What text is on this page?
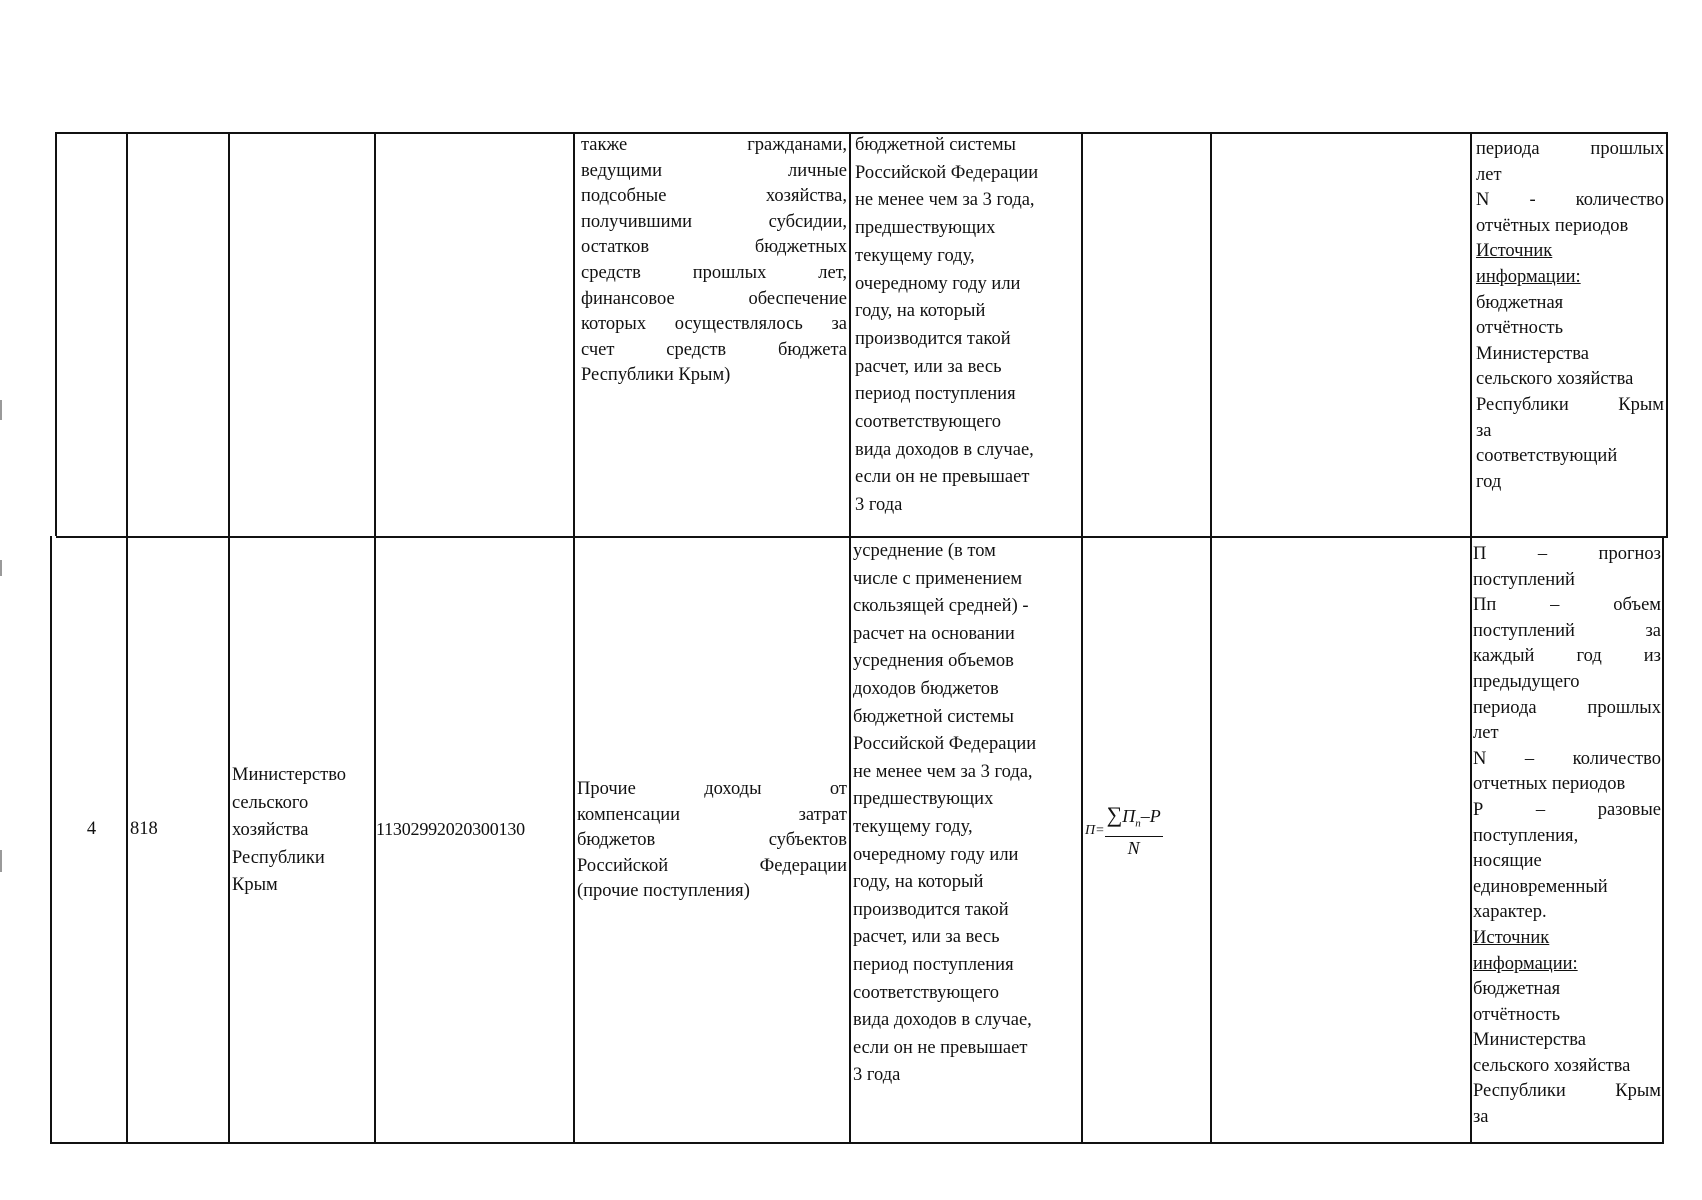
также гражданами,
ведущими личные
подсобные хозяйства,
получившими субсидии,
остатков бюджетных
средств прошлых лет,
финансовое обеспечение
которых осуществлялось за
счет средств бюджета
Республики Крым)
бюджетной системы
Российской Федерации
не менее чем за 3 года,
предшествующих
текущему году,
очередному году или
году, на который
производится такой
расчет, или за весь
период поступления
соответствующего
вида доходов в случае,
если он не превышает
3 года
периода прошлых
лет
N - количество
отчётных периодов
Источник
информации:
бюджетная
отчётность
Министерства
сельского хозяйства
Республики Крым
за
соответствующий
год
4	818
Министерство
сельского
хозяйства
Республики
Крым
11302992020300130
Прочие доходы от
компенсации затрат
бюджетов субъектов
Российской Федерации
(прочие поступления)
усреднение (в том
числе с применением
скользящей средней) -
расчет на основании
усреднения объемов
доходов бюджетов
бюджетной системы
Российской Федерации
не менее чем за 3 года,
предшествующих
текущему году,
очередному году или
году, на который
производится такой
расчет, или за весь
период поступления
соответствующего
вида доходов в случае,
если он не превышает
3 года
$П= \frac{\sum П_п-P}{N}$
П – прогноз
поступлений
Пп – объем
поступлений за
каждый год из
предыдущего
периода прошлых
лет
N – количество
отчетных периодов
Р – разовые
поступления,
носящие
единовременный
характер.
Источник
информации:
бюджетная
отчётность
Министерства
сельского хозяйства
Республики Крым
за
